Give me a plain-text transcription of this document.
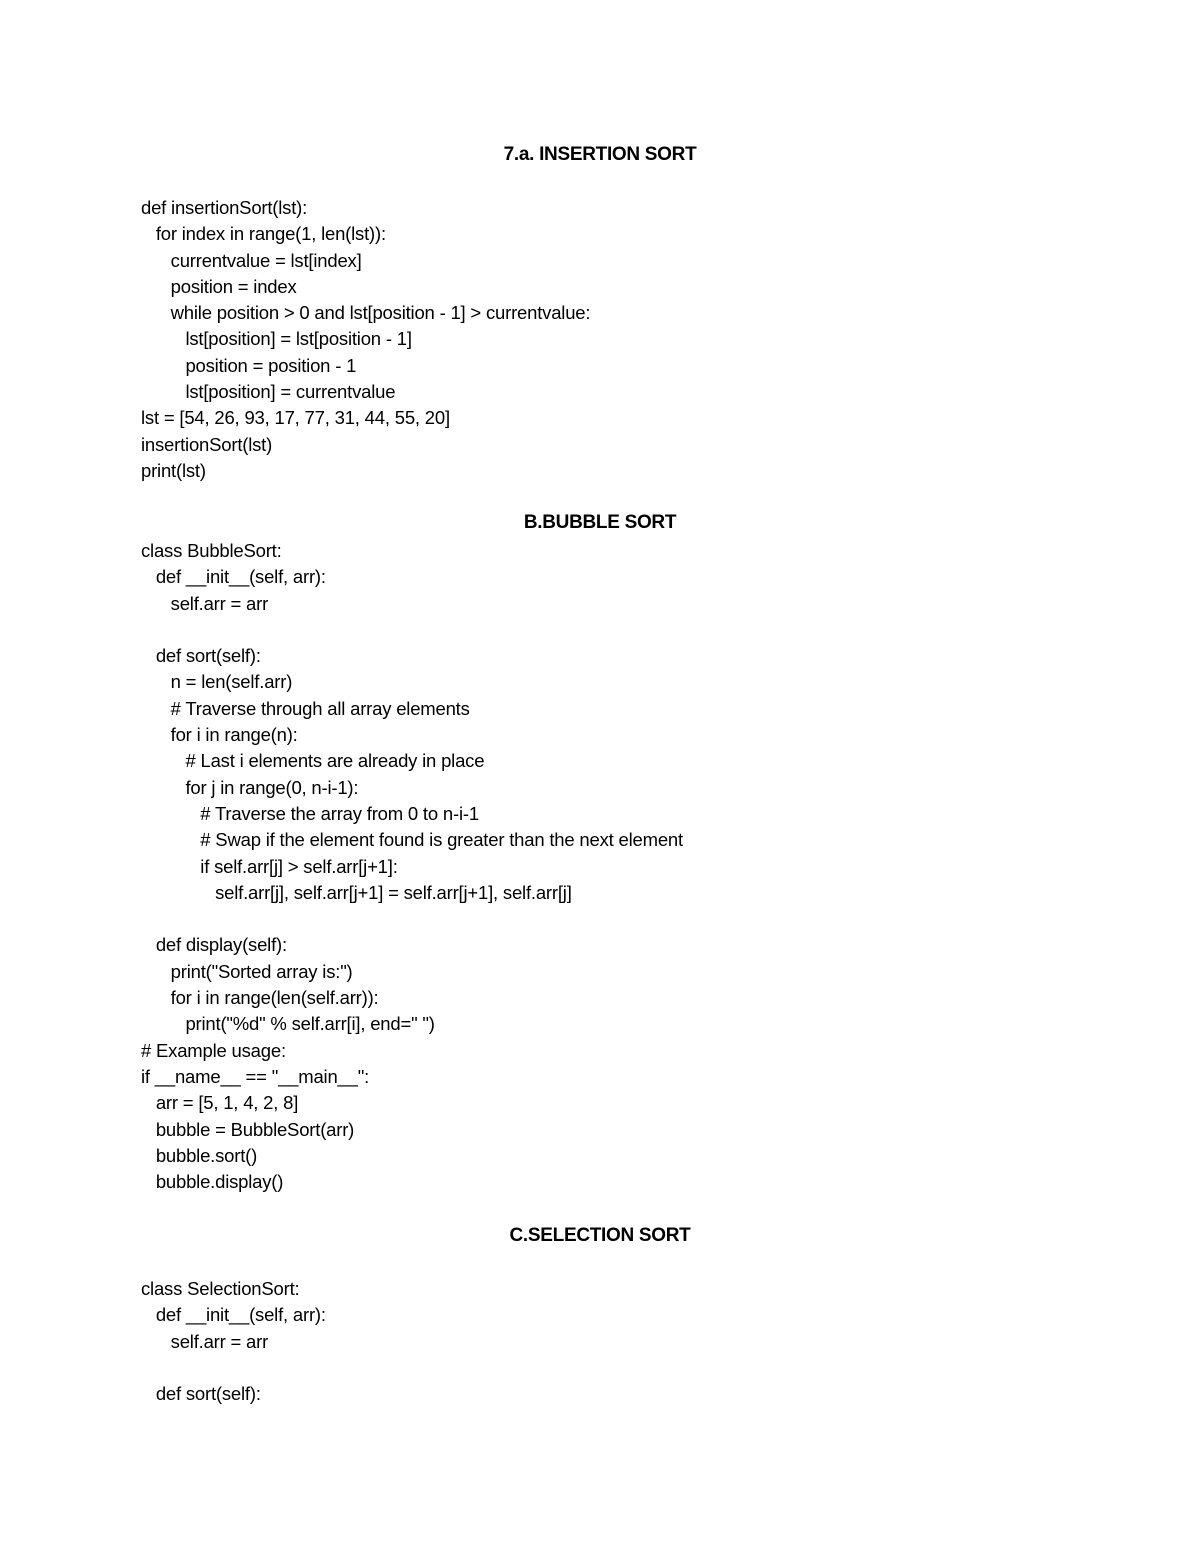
7.a. INSERTION SORT
def insertionSort(lst):
for index in range(1, len(lst)):
currentvalue = lst[index]
position = index
while position > 0 and lst[position - 1] > currentvalue:
lst[position] = lst[position - 1]
position = position - 1
lst[position] = currentvalue
lst = [54, 26, 93, 17, 77, 31, 44, 55, 20]
insertionSort(lst)
print(lst)
B.BUBBLE SORT
class BubbleSort:
def __init__(self, arr):
self.arr = arr
def sort(self):
n = len(self.arr)
# Traverse through all array elements
for i in range(n):
# Last i elements are already in place
for j in range(0, n-i-1):
# Traverse the array from 0 to n-i-1
# Swap if the element found is greater than the next element
if self.arr[j] > self.arr[j+1]:
self.arr[j], self.arr[j+1] = self.arr[j+1], self.arr[j]
def display(self):
print("Sorted array is:")
for i in range(len(self.arr)):
print("%d" % self.arr[i], end=" ")
# Example usage:
if __name__ == "__main__":
arr = [5, 1, 4, 2, 8]
bubble = BubbleSort(arr)
bubble.sort()
bubble.display()
C.SELECTION SORT
class SelectionSort:
def __init__(self, arr):
self.arr = arr
def sort(self):
